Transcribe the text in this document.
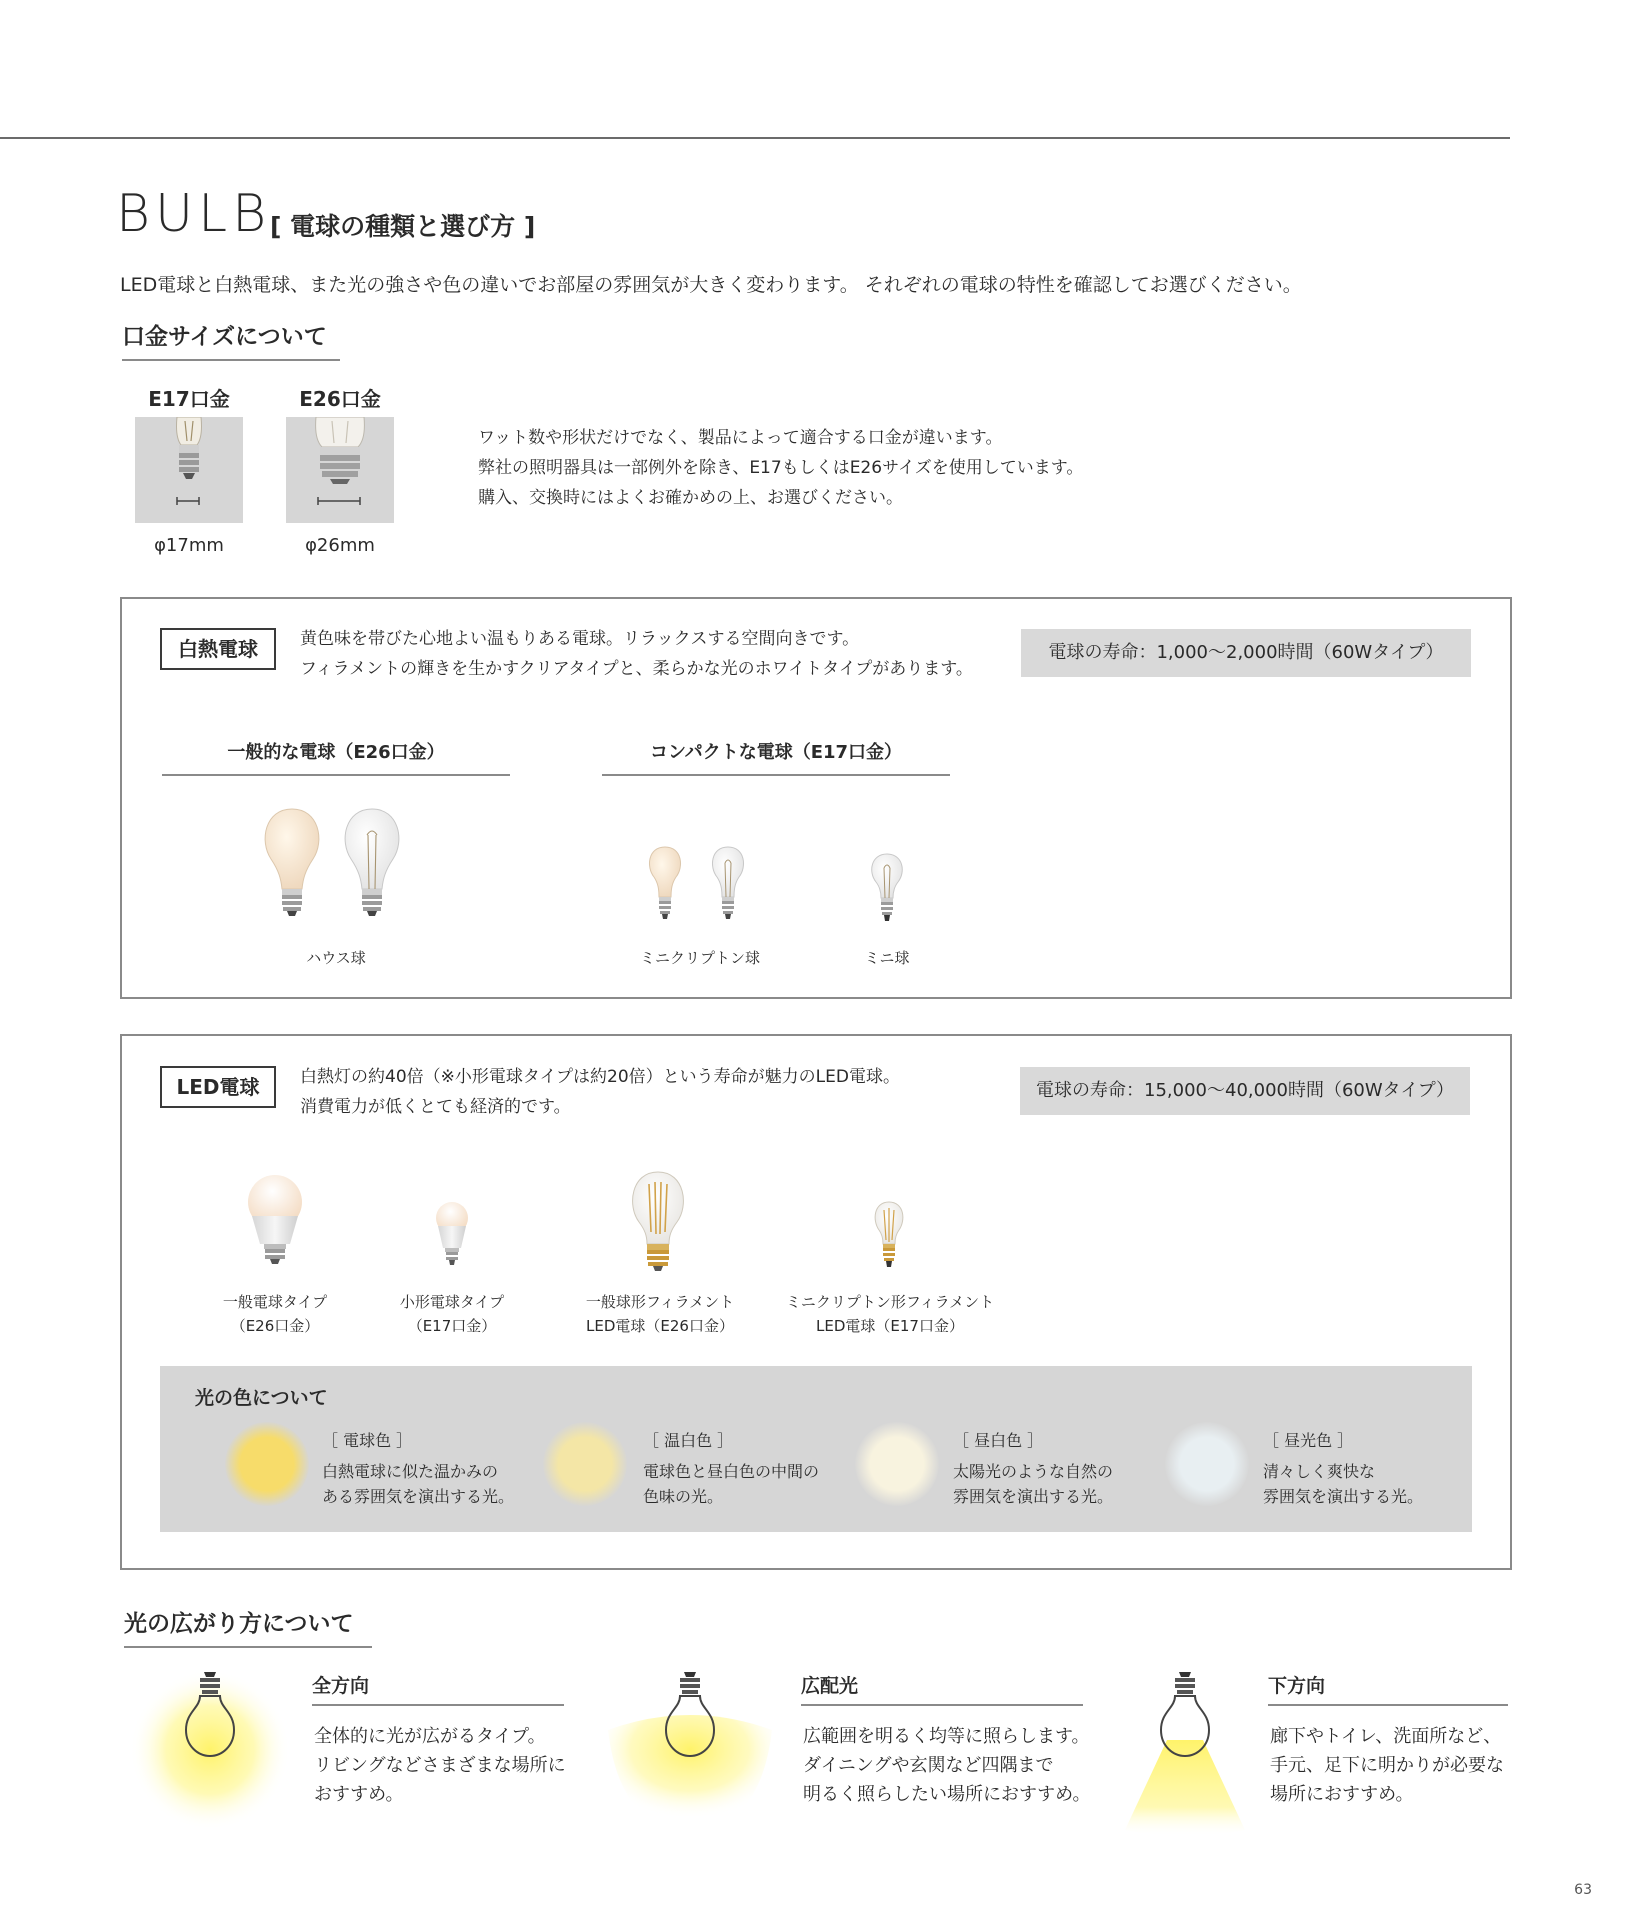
BULB
[ 電球の種類と選び方 ]
LED電球と白熱電球、また光の強さや色の違いでお部屋の雰囲気が大きく変わります。 それぞれの電球の特性を確認してお選びください。
口金サイズについて
E17口金	E26口金
φ17mm	φ26mm
ワット数や形状だけでなく、製品によって適合する口金が違います。
弊社の照明器具は一部例外を除き、E17もしくはE26サイズを使用しています。
購入、交換時にはよくお確かめの上、お選びください。
白熱電球	黄色味を帯びた心地よい温もりある電球。リラックスする空間向きです。
フィラメントの輝きを生かすクリアタイプと、柔らかな光のホワイトタイプがあります。
電球の寿命：1,000〜2,000時間（60Wタイプ）
一般的な電球（E26口金）	コンパクトな電球（E17口金）
ハウス球	ミニクリプトン球	ミニ球
LED電球	白熱灯の約40倍（※小形電球タイプは約20倍）という寿命が魅力のLED電球。
消費電力が低くとても経済的です。
電球の寿命：15,000〜40,000時間（60Wタイプ）
一般電球タイプ
（E26口金）
小形電球タイプ
（E17口金）
一般球形フィラメント
LED電球（E26口金）
ミニクリプトン形フィラメント
LED電球（E17口金）
光の色について
［ 電球色 ］
白熱電球に似た温かみの
ある雰囲気を演出する光。
［ 温白色 ］
電球色と昼白色の中間の
色味の光。
［ 昼白色 ］
太陽光のような自然の
雰囲気を演出する光。
［ 昼光色 ］
清々しく爽快な
雰囲気を演出する光。
光の広がり方について
全方向
全体的に光が広がるタイプ。
リビングなどさまざまな場所に
おすすめ。
広配光
広範囲を明るく均等に照らします。
ダイニングや玄関など四隅まで
明るく照らしたい場所におすすめ。
下方向
廊下やトイレ、洗面所など、
手元、足下に明かりが必要な
場所におすすめ。
63
